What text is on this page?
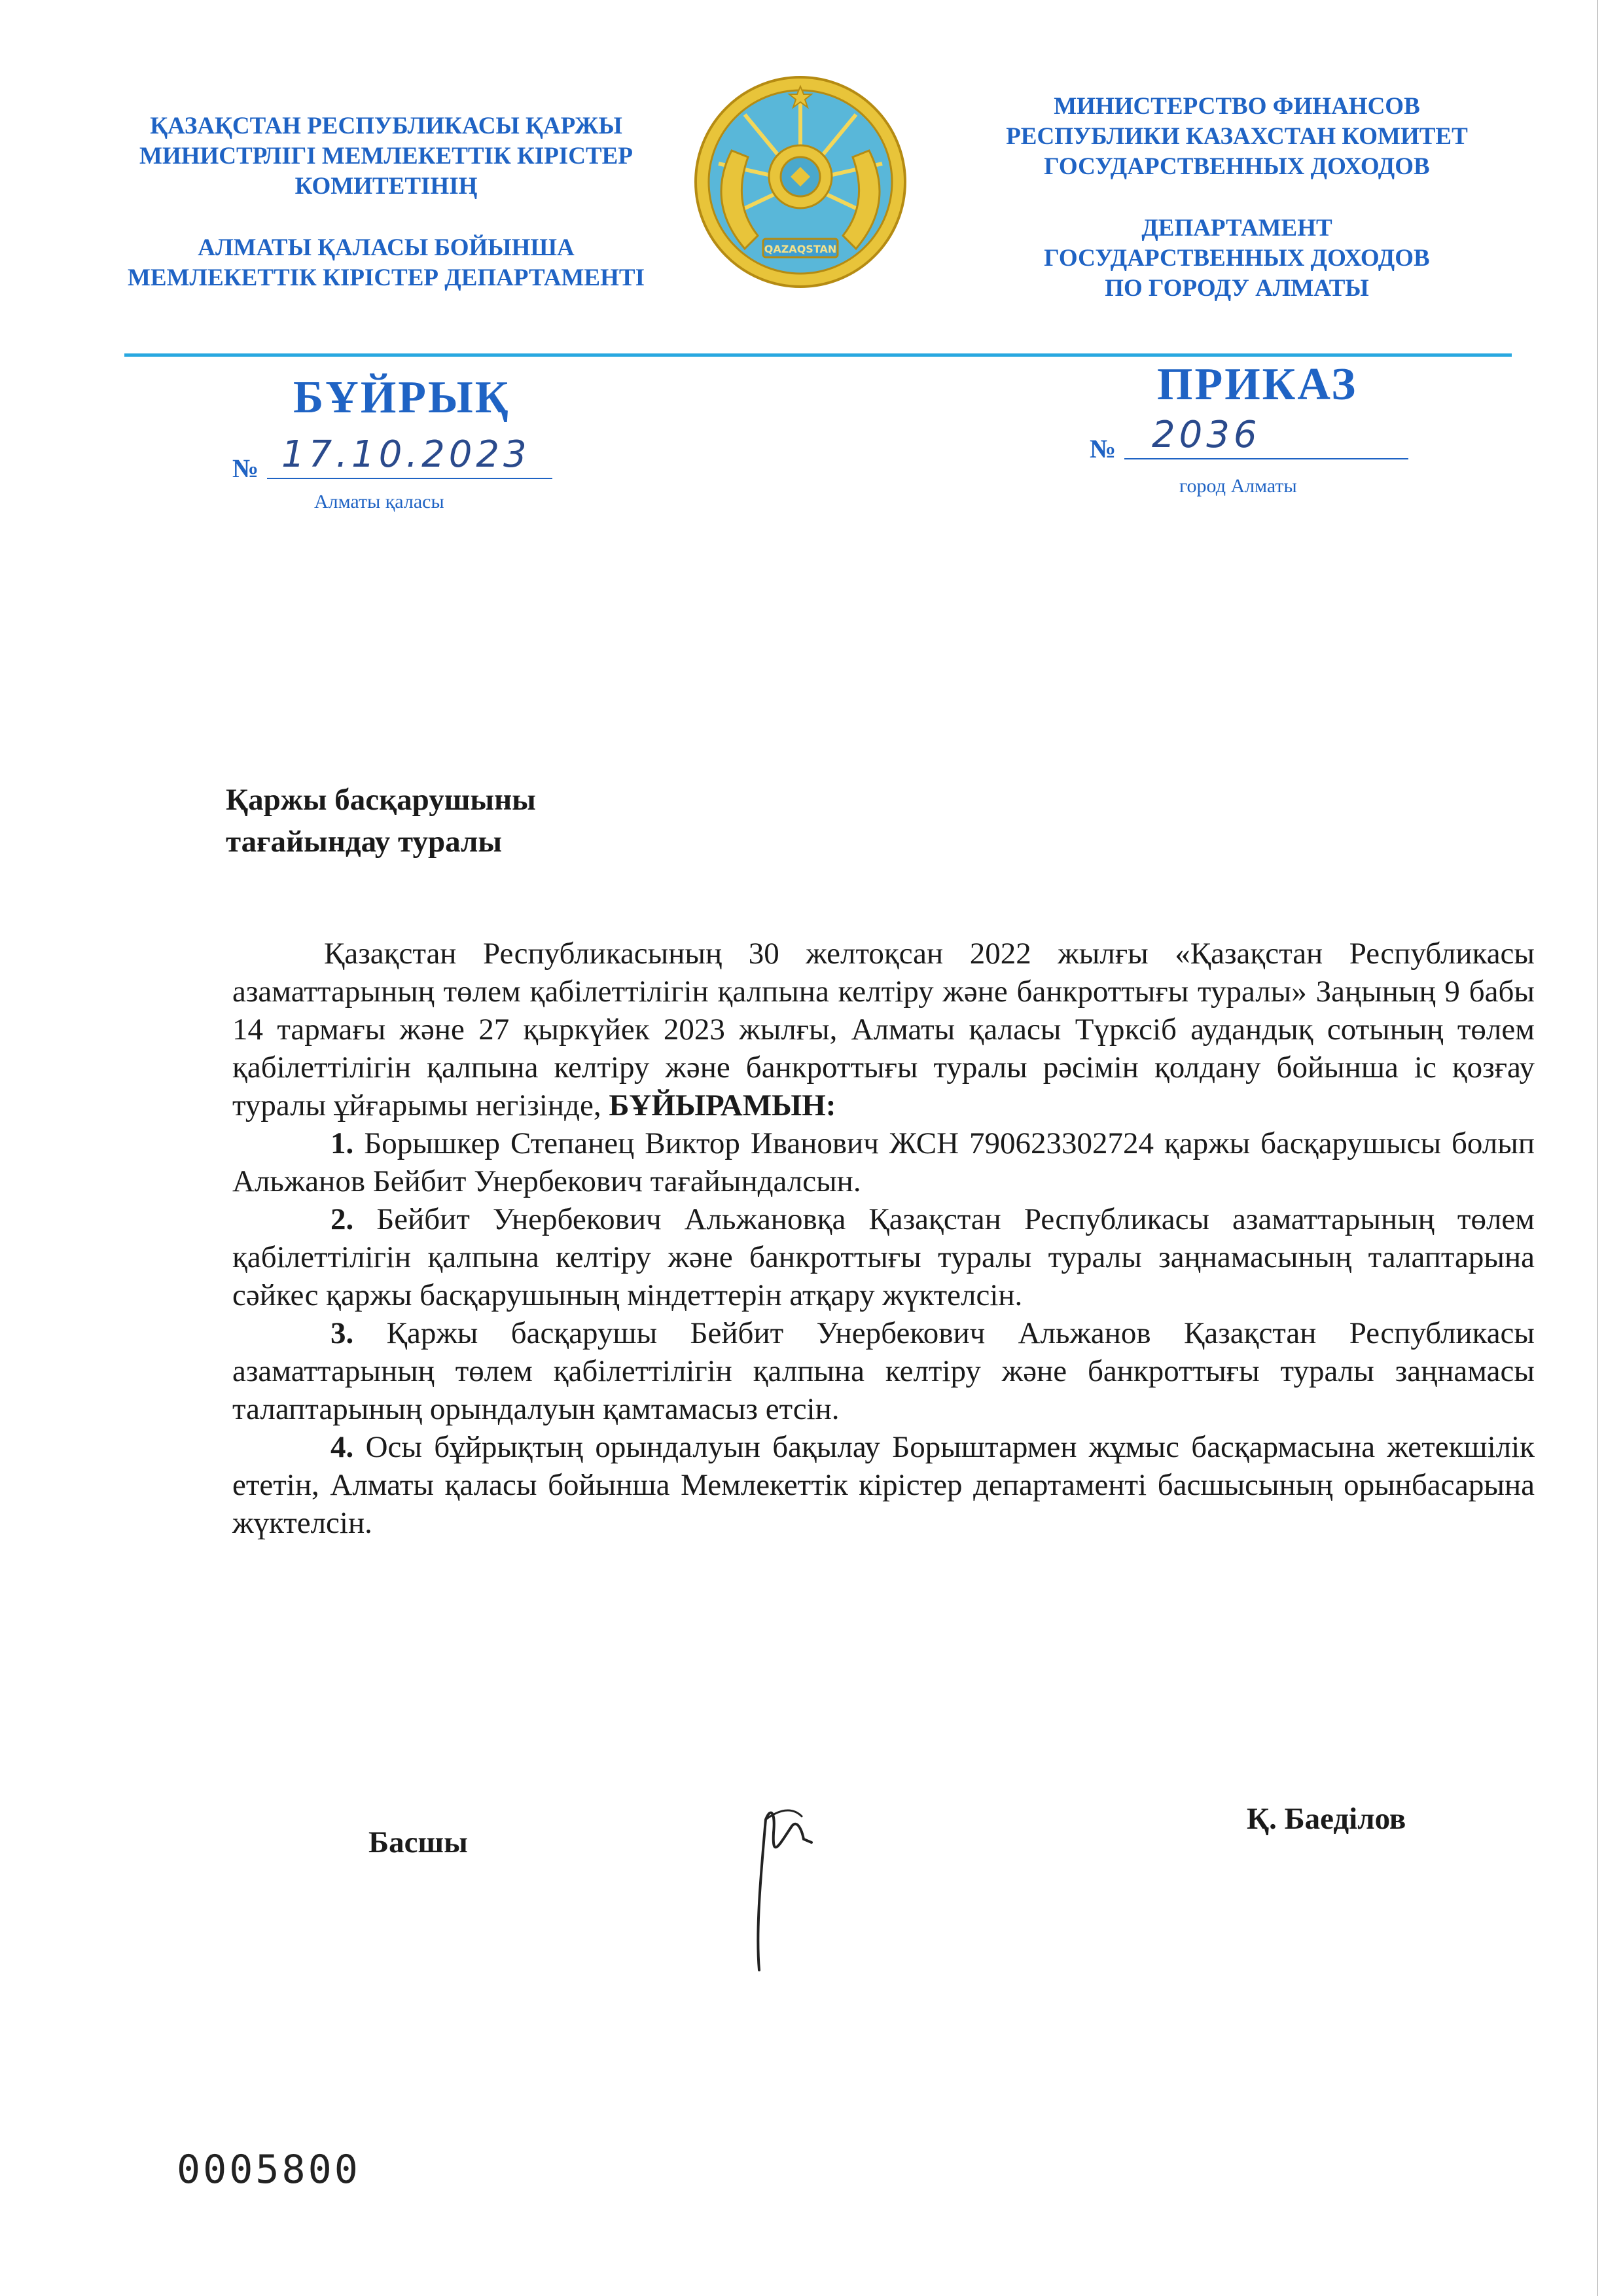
ҚАЗАҚСТАН РЕСПУБЛИКАСЫ ҚАРЖЫ
МИНИСТРЛІГІ МЕМЛЕКЕТТІК КІРІСТЕР
КОМИТЕТІНІҢ
АЛМАТЫ ҚАЛАСЫ БОЙЫНША
МЕМЛЕКЕТТІК КІРІСТЕР ДЕПАРТАМЕНТІ
QAZAQSTAN
МИНИСТЕРСТВО ФИНАНСОВ
РЕСПУБЛИКИ КАЗАХСТАН КОМИТЕТ
ГОСУДАРСТВЕННЫХ ДОХОДОВ
ДЕПАРТАМЕНТ
ГОСУДАРСТВЕННЫХ ДОХОДОВ
ПО ГОРОДУ АЛМАТЫ
БҰЙРЫҚ	ПРИКАЗ
№ 17.10.2023
Алматы қаласы
№ 2036
город Алматы
Қаржы басқарушыны
тағайындау туралы

Қазақстан Республикасының 30 желтоқсан 2022 жылғы «Қазақстан Республикасы азаматтарының төлем қабілеттілігін қалпына келтіру және банкроттығы туралы» Заңының 9 бабы 14 тармағы және 27 қыркүйек 2023 жылғы, Алматы қаласы Түрксіб аудандық сотының төлем қабілеттілігін қалпына келтіру және банкроттығы туралы рәсімін қолдану бойынша іс қозғау туралы ұйғарымы негізінде, БҰЙЫРАМЫН:

1. Борышкер Степанец Виктор Иванович ЖСН 790623302724 қаржы басқарушысы болып Альжанов Бейбит Унербекович тағайындалсын.

2. Бейбит Унербекович Альжановқа Қазақстан Республикасы азаматтарының төлем қабілеттілігін қалпына келтіру және банкроттығы туралы туралы заңнамасының талаптарына сәйкес қаржы басқарушының міндеттерін атқару жүктелсін.

3. Қаржы басқарушы Бейбит Унербекович Альжанов Қазақстан Республикасы азаматтарының төлем қабілеттілігін қалпына келтіру және банкроттығы туралы заңнамасы талаптарының орындалуын қамтамасыз етсін.

4. Осы бұйрықтың орындалуын бақылау Борыштармен жұмыс басқармасына жетекшілік ететін, Алматы қаласы бойынша Мемлекеттік кірістер департаменті басшысының орынбасарына жүктелсін.

Басшы
Қ. Баеділов
0005800
